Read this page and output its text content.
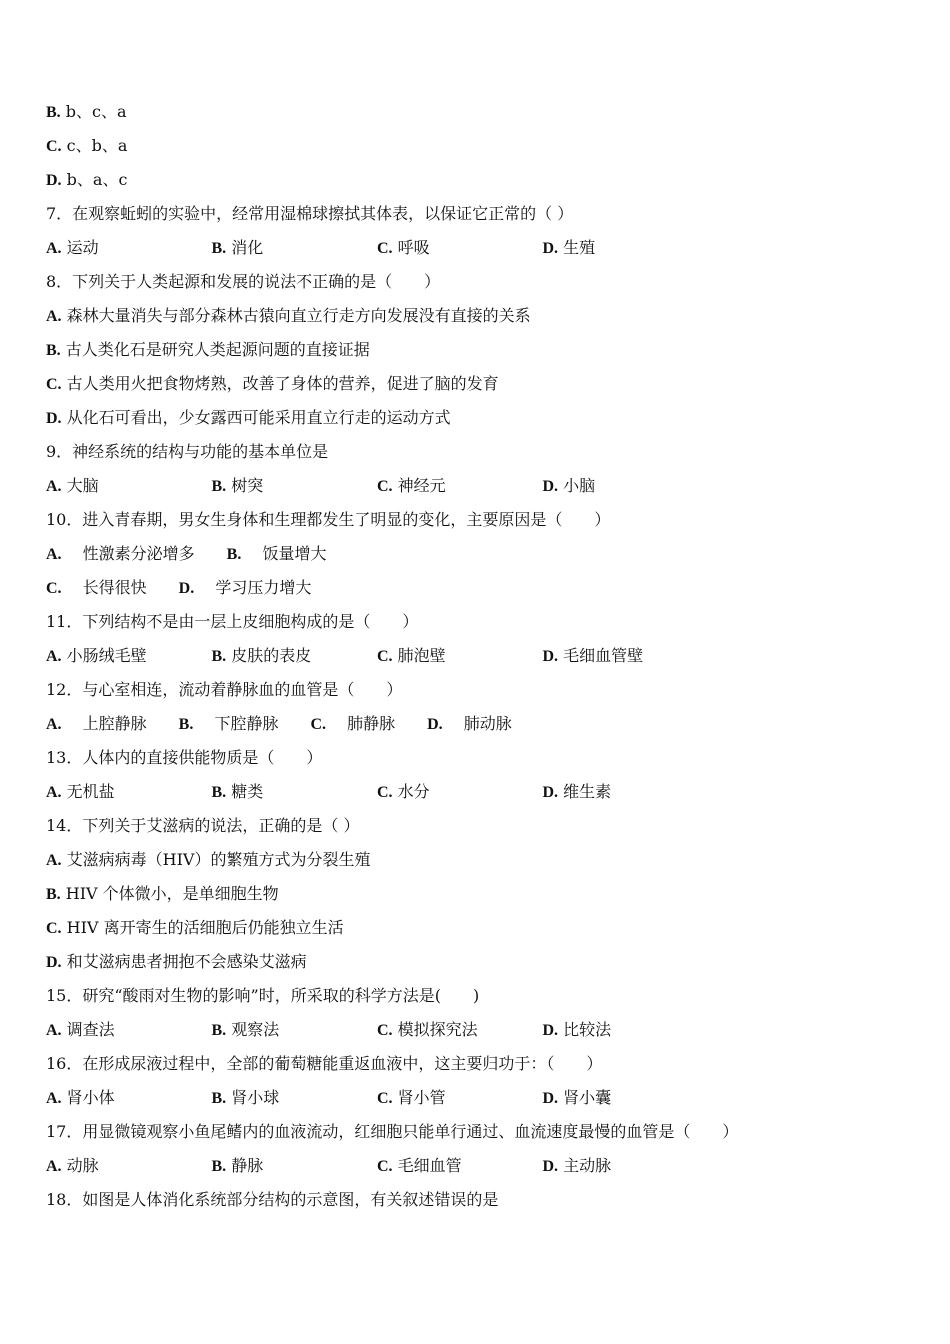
B. b、c、a
C. c、b、a
D. b、a、c
7．在观察蚯蚓的实验中，经常用湿棉球擦拭其体表，以保证它正常的（ ）
A. 运动	B. 消化	C. 呼吸	D. 生殖
8．下列关于人类起源和发展的说法不正确的是（　　）
A. 森林大量消失与部分森林古猿向直立行走方向发展没有直接的关系
B. 古人类化石是研究人类起源问题的直接证据
C. 古人类用火把食物烤熟，改善了身体的营养，促进了脑的发育
D. 从化石可看出，少女露西可能采用直立行走的运动方式
9．神经系统的结构与功能的基本单位是
A. 大脑	B. 树突	C. 神经元	D. 小脑
10．进入青春期，男女生身体和生理都发生了明显的变化，主要原因是（　　）
A. 性激素分泌增多 B. 饭量增大
C. 长得很快 D. 学习压力增大
11．下列结构不是由一层上皮细胞构成的是（　　）
A. 小肠绒毛壁	B. 皮肤的表皮	C. 肺泡壁	D. 毛细血管壁
12．与心室相连，流动着静脉血的血管是（　　）
A. 上腔静脉 B. 下腔静脉 C. 肺静脉 D. 肺动脉
13．人体内的直接供能物质是（　　）
A. 无机盐	B. 糖类	C. 水分	D. 维生素
14．下列关于艾滋病的说法，正确的是（ ）
A. 艾滋病病毒（HIV）的繁殖方式为分裂生殖
B. HIV 个体微小，是单细胞生物
C. HIV 离开寄生的活细胞后仍能独立生活
D. 和艾滋病患者拥抱不会感染艾滋病
15．研究“酸雨对生物的影响”时，所采取的科学方法是(　　)
A. 调查法	B. 观察法	C. 模拟探究法	D. 比较法
16．在形成尿液过程中，全部的葡萄糖能重返血液中，这主要归功于：（　　）
A. 肾小体	B. 肾小球	C. 肾小管	D. 肾小囊
17．用显微镜观察小鱼尾鳍内的血液流动，红细胞只能单行通过、血流速度最慢的血管是（　　）
A. 动脉	B. 静脉	C. 毛细血管	D. 主动脉
18．如图是人体消化系统部分结构的示意图，有关叙述错误的是
